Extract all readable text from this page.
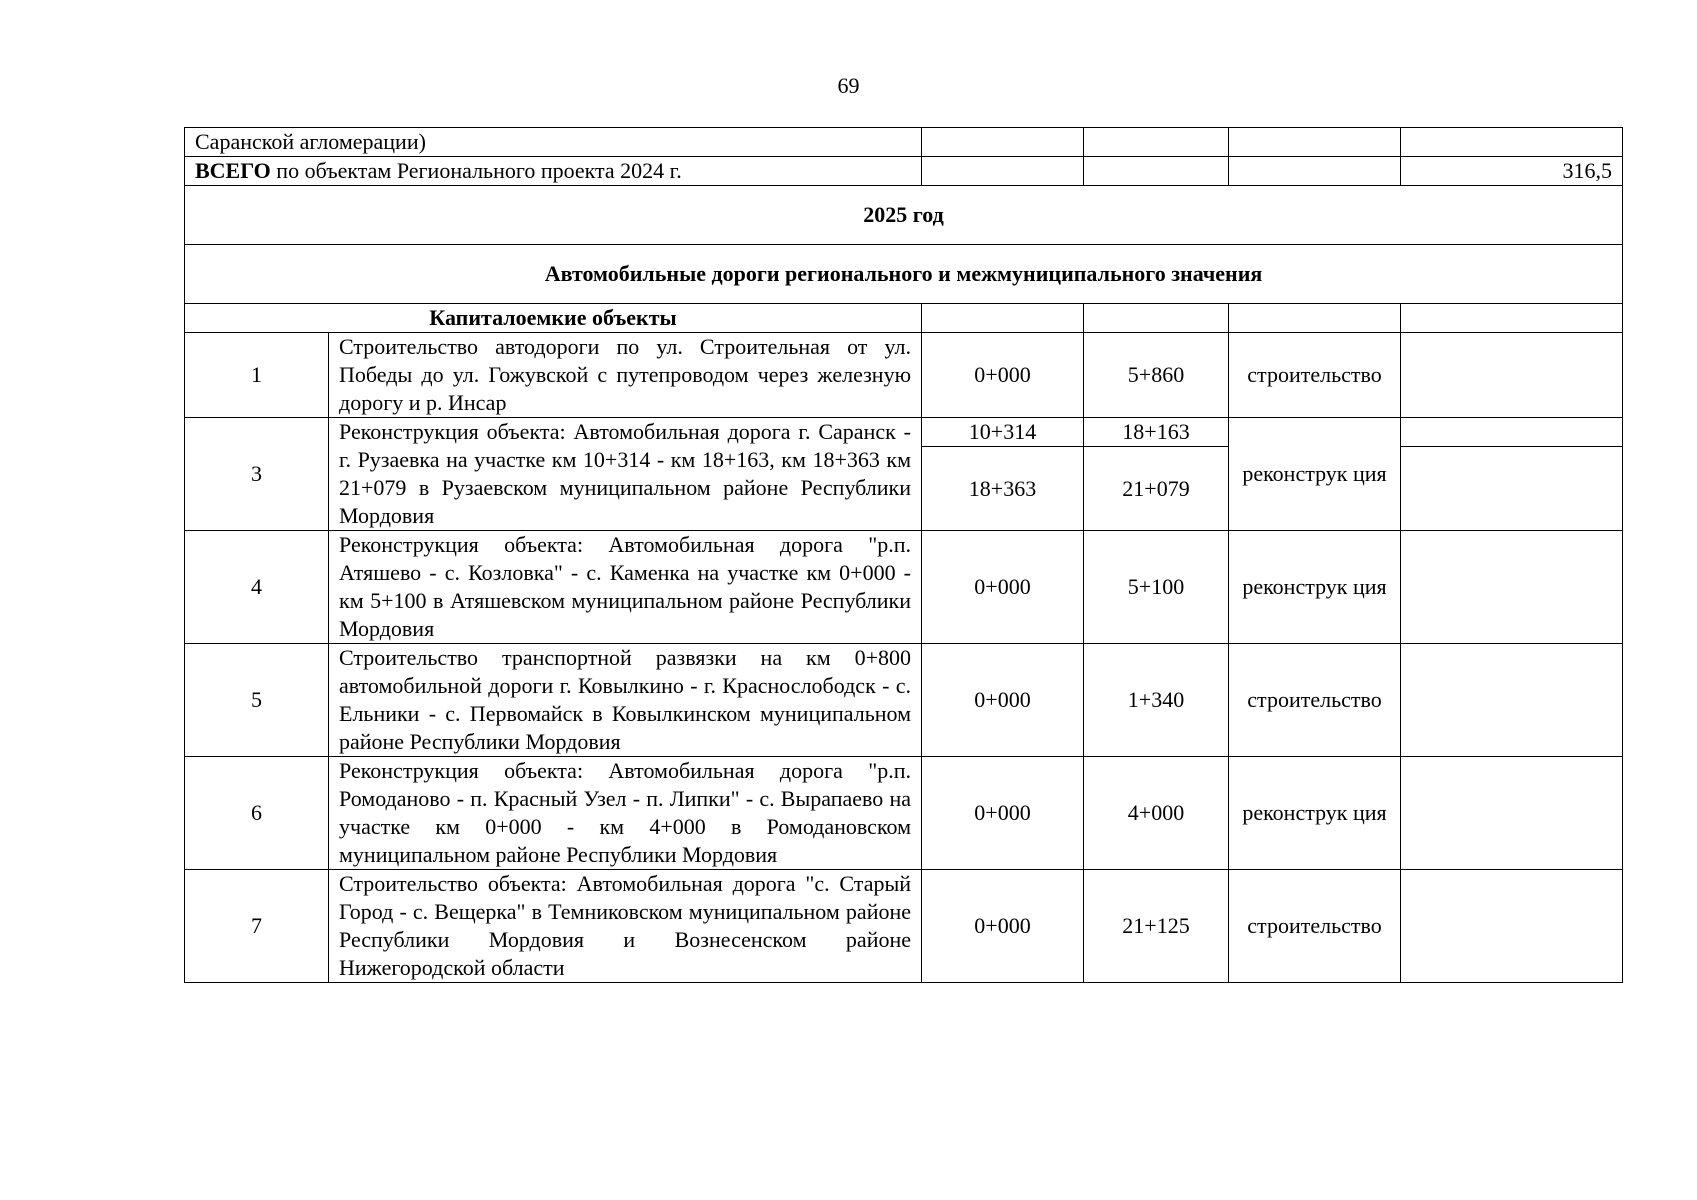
69
Саранской агломерации)					
ВСЕГО по объектам Регионального проекта 2024 г.					316,5
2025 год					
Автомобильные дороги регионального и межмуниципального значения					
Капиталоемкие объекты					
1	Строительство автодороги по ул. Строительная от ул. Победы до ул. Гожувской с путепроводом через железную дорогу и р. Инсар	0+000	5+860	строительство	
3	Реконструкция объекта: Автомобильная дорога г. Саранск - г. Рузаевка на участке км 10+314 - км 18+163, км 18+363 км 21+079 в Рузаевском муниципальном районе Республики Мордовия	10+314	18+163	реконструк ция	
		18+363	21+079		
4	Реконструкция объекта: Автомобильная дорога "р.п. Атяшево - с. Козловка" - с. Каменка на участке км 0+000 - км 5+100 в Атяшевском муниципальном районе Республики Мордовия	0+000	5+100	реконструк ция	
5	Строительство транспортной развязки на км 0+800 автомобильной дороги г. Ковылкино - г. Краснослободск - с. Ельники - с. Первомайск в Ковылкинском муниципальном районе Республики Мордовия	0+000	1+340	строительство	
6	Реконструкция объекта: Автомобильная дорога "р.п. Ромоданово - п. Красный Узел - п. Липки" - с. Вырапаево на участке км 0+000 - км 4+000 в Ромодановском муниципальном районе Республики Мордовия	0+000	4+000	реконструк ция	
7	Строительство объекта: Автомобильная дорога "с. Старый Город - с. Вещерка" в Темниковском муниципальном районе Республики Мордовия и Вознесенском районе Нижегородской области	0+000	21+125	строительство	
